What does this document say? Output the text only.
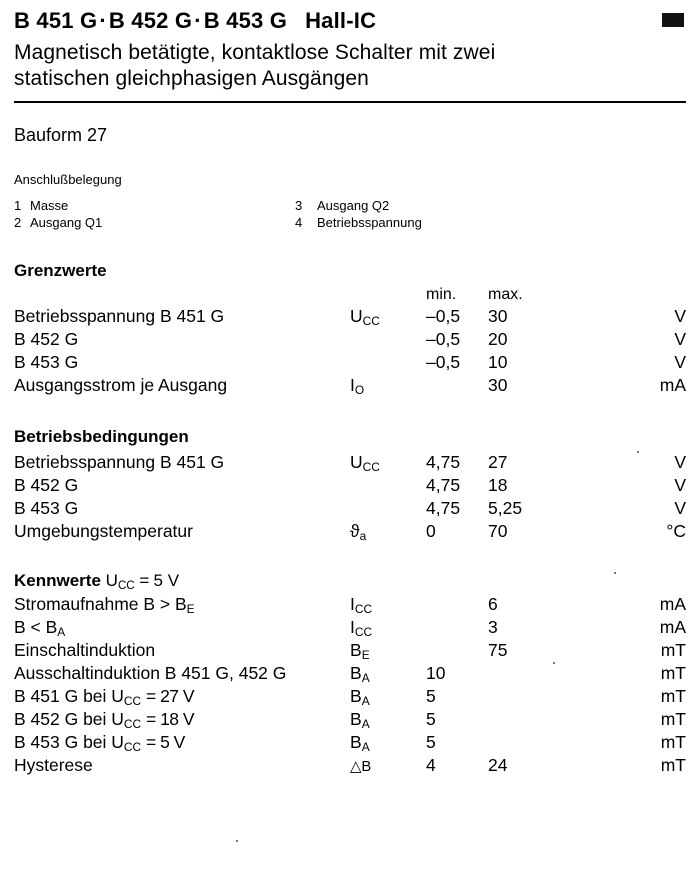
B 451 G·B 452 G·B 453 G Hall-IC
Magnetisch betätigte, kontaktlose Schalter mit zwei
statischen gleichphasigen Ausgängen
Bauform 27
Anschlußbelegung
1	Masse	3	Ausgang Q2
2	Ausgang Q1	4	Betriebsspannung
Grenzwerte
		min.	max.	
Betriebsspannung B 451 G	$U_{CC}$	–0,5	30	V
B 452 G		–0,5	20	V
B 453 G		–0,5	10	V
Ausgangsstrom je Ausgang	$I_O$		30	mA
Betriebsbedingungen
Betriebsspannung B 451 G	$U_{CC}$	4,75	27	V
B 452 G		4,75	18	V
B 453 G		4,75	5,25	V
Umgebungstemperatur	$ϑ_a$	0	70	°C
Kennwerte $U_{CC} = 5$ V
Stromaufnahme $B > B_E$	$I_{CC}$		6	mA
$B < B_A$	$I_{CC}$		3	mA
Einschaltinduktion	$B_E$		75	mT
Ausschaltinduktion B 451 G, 452 G	$B_A$	10		mT
B 451 G bei $U_{CC} = 27$ V	$B_A$	5		mT
B 452 G bei $U_{CC} = 18$ V	$B_A$	5		mT
B 453 G bei $U_{CC} = 5$ V	$B_A$	5		mT
Hysterese	△B	4	24	mT
